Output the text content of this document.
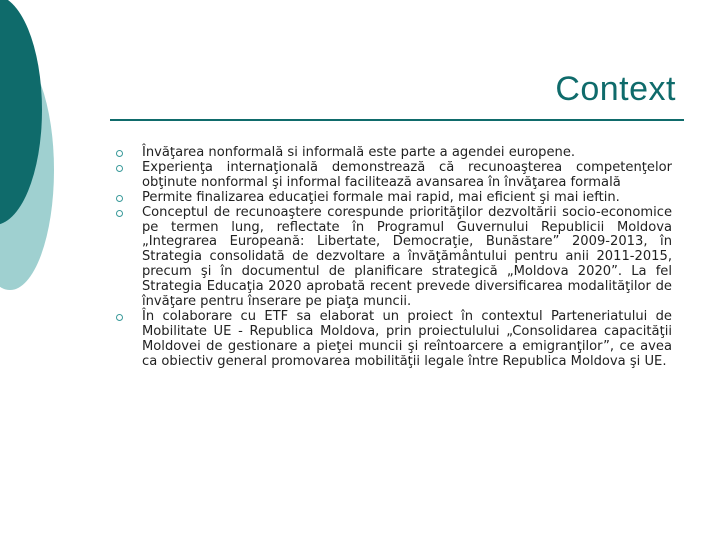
Context

Învăţarea nonformală si informală este parte a agendei europene.

Experienţa internaţională demonstrează că recunoaşterea competenţelor obţinute nonformal şi informal facilitează avansarea în învăţarea formală

Permite finalizarea educaţiei formale mai rapid, mai eficient şi mai ieftin.

Conceptul de recunoaştere corespunde priorităţilor dezvoltării socio-economice pe termen lung, reflectate în Programul Guvernului Republicii Moldova „Integrarea Europeană: Libertate, Democraţie, Bunăstare” 2009-2013, în Strategia consolidată de dezvoltare a învăţământului pentru anii 2011-2015, precum şi în documentul de planificare strategică „Moldova 2020”. La fel Strategia Educaţia 2020 aprobată recent prevede diversificarea modalităţilor de învăţare pentru înserare pe piaţa muncii.

În colaborare cu ETF sa elaborat un proiect în contextul Parteneriatului de Mobilitate UE - Republica Moldova, prin proiectulului „Consolidarea capacităţii Moldovei de gestionare a pieţei muncii şi reîntoarcere a emigranţilor”, ce avea ca obiectiv general promovarea mobilităţii legale între Republica Moldova şi UE.
